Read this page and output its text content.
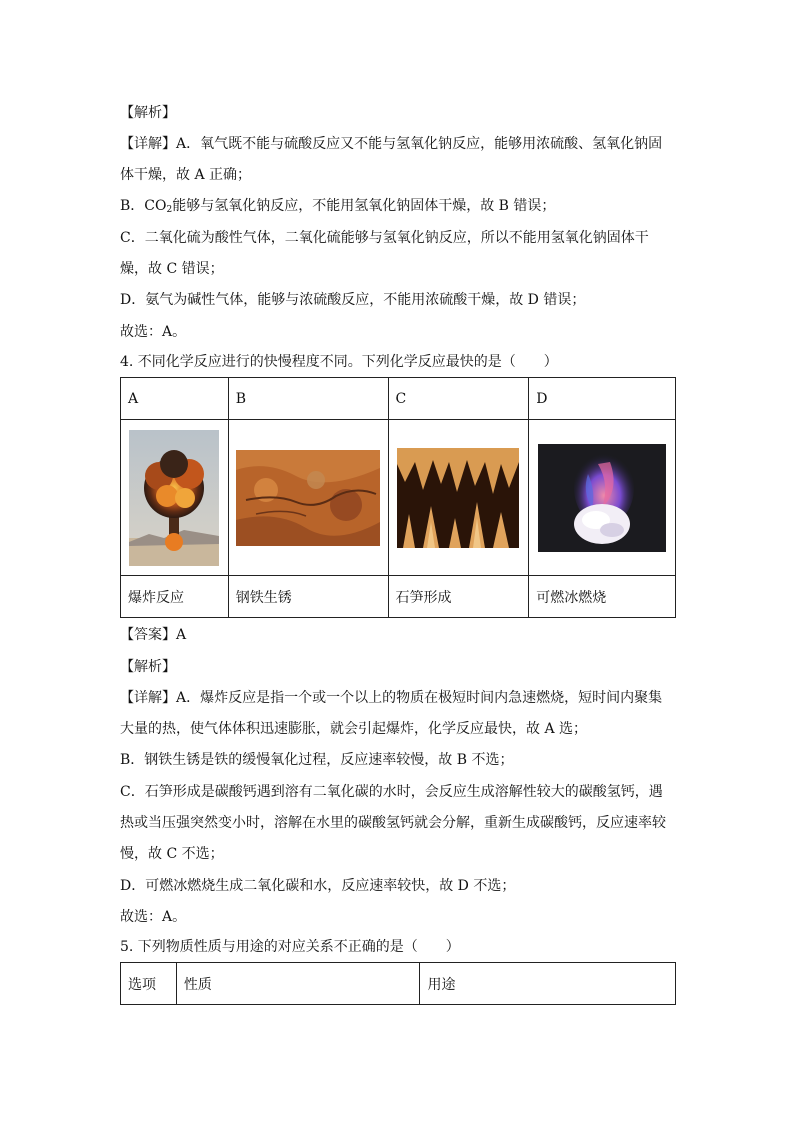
【解析】
【详解】A．氧气既不能与硫酸反应又不能与氢氧化钠反应，能够用浓硫酸、氢氧化钠固
体干燥，故 A 正确；
B．$CO_2$能够与氢氧化钠反应，不能用氢氧化钠固体干燥，故 B 错误；
C．二氧化硫为酸性气体，二氧化硫能够与氢氧化钠反应，所以不能用氢氧化钠固体干
燥，故 C 错误；
D．氨气为碱性气体，能够与浓硫酸反应，不能用浓硫酸干燥，故 D 错误；
故选：A。
4. 不同化学反应进行的快慢程度不同。下列化学反应最快的是（　　）
A	B	C	D

爆炸反应	钢铁生锈	石笋形成	可燃冰燃烧
【答案】A
【解析】
【详解】A．爆炸反应是指一个或一个以上的物质在极短时间内急速燃烧，短时间内聚集
大量的热，使气体体积迅速膨胀，就会引起爆炸，化学反应最快，故 A 选；
B．钢铁生锈是铁的缓慢氧化过程，反应速率较慢，故 B 不选；
C．石笋形成是碳酸钙遇到溶有二氧化碳的水时，会反应生成溶解性较大的碳酸氢钙，遇
热或当压强突然变小时，溶解在水里的碳酸氢钙就会分解，重新生成碳酸钙，反应速率较
慢，故 C 不选；
D．可燃冰燃烧生成二氧化碳和水，反应速率较快，故 D 不选；
故选：A。
5. 下列物质性质与用途的对应关系不正确的是（　　）
选项	性质	用途
